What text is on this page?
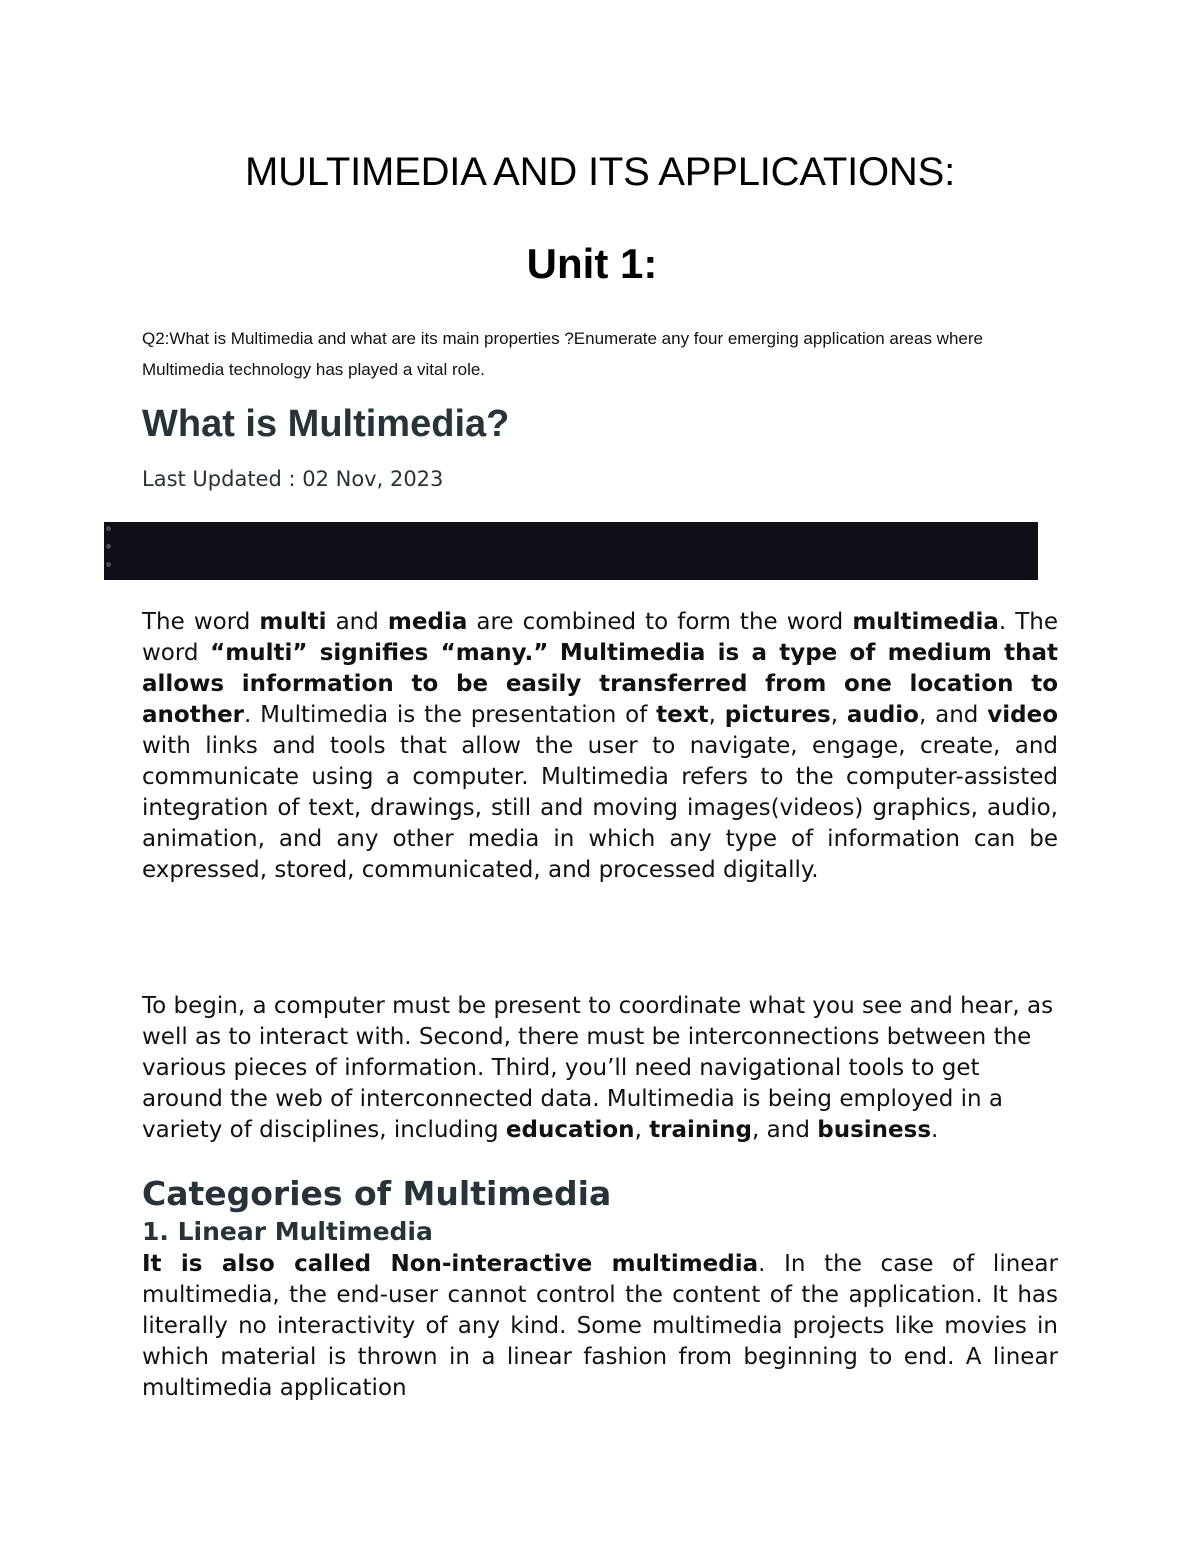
MULTIMEDIA AND ITS APPLICATIONS:
Unit 1:
Q2:What is Multimedia and what are its main properties ?Enumerate any four emerging application areas where Multimedia technology has played a vital role.
What is Multimedia?
Last Updated : 02 Nov, 2023
The word multi and media are combined to form the word multimedia. The word “multi” signifies “many.” Multimedia is a type of medium that allows information to be easily transferred from one location to another. Multimedia is the presentation of text, pictures, audio, and video with links and tools that allow the user to navigate, engage, create, and communicate using a computer. Multimedia refers to the computer-assisted integration of text, drawings, still and moving images(videos) graphics, audio, animation, and any other media in which any type of information can be expressed, stored, communicated, and processed digitally.
To begin, a computer must be present to coordinate what you see and hear, as well as to interact with. Second, there must be interconnections between the various pieces of information. Third, you’ll need navigational tools to get around the web of interconnected data. Multimedia is being employed in a variety of disciplines, including education, training, and business.
Categories of Multimedia
1. Linear Multimedia
It is also called Non-interactive multimedia. In the case of linear multimedia, the end-user cannot control the content of the application. It has literally no interactivity of any kind. Some multimedia projects like movies in which material is thrown in a linear fashion from beginning to end. A linear multimedia application
